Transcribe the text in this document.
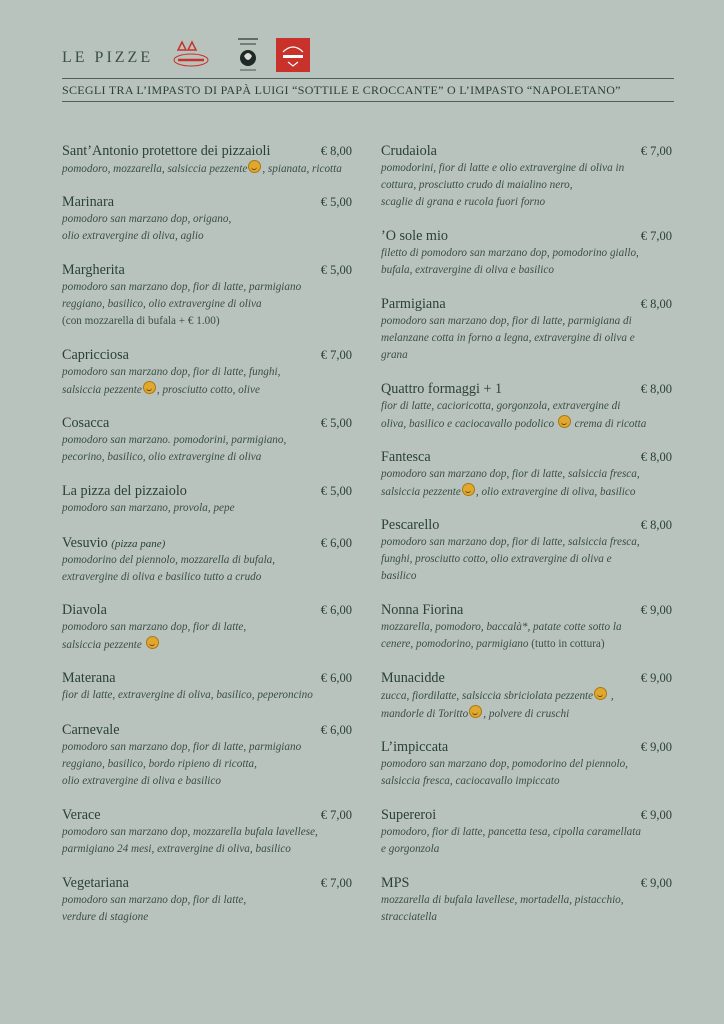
LE PIZZE
SCEGLI TRA L’IMPASTO DI PAPÀ LUIGI “SOTTILE E CROCCANTE” O L’IMPASTO “NAPOLETANO”
Sant’Antonio protettore dei pizzaioli	€ 8,00
pomodoro, mozzarella, salsiccia pezzente , spianata, ricotta
Marinara	€ 5,00
pomodoro san marzano dop, origano,
olio extravergine di oliva, aglio
Margherita	€ 5,00
pomodoro san marzano dop, fior di latte, parmigiano
reggiano, basilico, olio extravergine di oliva
(con mozzarella di bufala + € 1.00)
Capricciosa	€ 7,00
pomodoro san marzano dop, fior di latte, funghi,
salsiccia pezzente , prosciutto cotto, olive
Cosacca	€ 5,00
pomodoro san marzano. pomodorini, parmigiano,
pecorino, basilico, olio extravergine di oliva
La pizza del pizzaiolo	€ 5,00
pomodoro san marzano, provola, pepe
Vesuvio (pizza pane)	€ 6,00
pomodorino del piennolo, mozzarella di bufala,
extravergine di oliva e basilico tutto a crudo
Diavola	€ 6,00
pomodoro san marzano dop, fior di latte,
salsiccia pezzente
Materana	€ 6,00
fior di latte, extravergine di oliva, basilico, peperoncino
Carnevale	€ 6,00
pomodoro san marzano dop, fior di latte, parmigiano
reggiano, basilico, bordo ripieno di ricotta,
olio extravergine di oliva e basilico
Verace	€ 7,00
pomodoro san marzano dop, mozzarella bufala lavellese,
parmigiano 24 mesi, extravergine di oliva, basilico
Vegetariana	€ 7,00
pomodoro san marzano dop, fior di latte,
verdure di stagione
Crudaiola	€ 7,00
pomodorini, fior di latte e olio extravergine di oliva in
cottura, prosciutto crudo di maialino nero,
scaglie di grana e rucola fuori forno
’O sole mio	€ 7,00
filetto di pomodoro san marzano dop, pomodorino giallo,
bufala, extravergine di oliva e basilico
Parmigiana	€ 8,00
pomodoro san marzano dop, fior di latte, parmigiana di
melanzane cotta in forno a legna, extravergine di oliva e
grana
Quattro formaggi + 1	€ 8,00
fior di latte, cacioricotta, gorgonzola, extravergine di
oliva, basilico e caciocavallo podolico  crema di ricotta
Fantesca	€ 8,00
pomodoro san marzano dop, fior di latte, salsiccia fresca,
salsiccia pezzente , olio extravergine di oliva, basilico
Pescarello	€ 8,00
pomodoro san marzano dop, fior di latte, salsiccia fresca,
funghi, prosciutto cotto, olio extravergine di oliva e
basilico
Nonna Fiorina	€ 9,00
mozzarella, pomodoro, baccalà*, patate cotte sotto la
cenere, pomodorino, parmigiano (tutto in cottura)
Munacidde	€ 9,00
zucca, fiordilatte, salsiccia sbriciolata pezzente ,
mandorle di Toritto , polvere di cruschi
L’impiccata	€ 9,00
pomodoro san marzano dop, pomodorino del piennolo,
salsiccia fresca, caciocavallo impiccato
Supereroi	€ 9,00
pomodoro, fior di latte, pancetta tesa, cipolla caramellata
e gorgonzola
MPS	€ 9,00
mozzarella di bufala lavellese, mortadella, pistacchio,
stracciatella
